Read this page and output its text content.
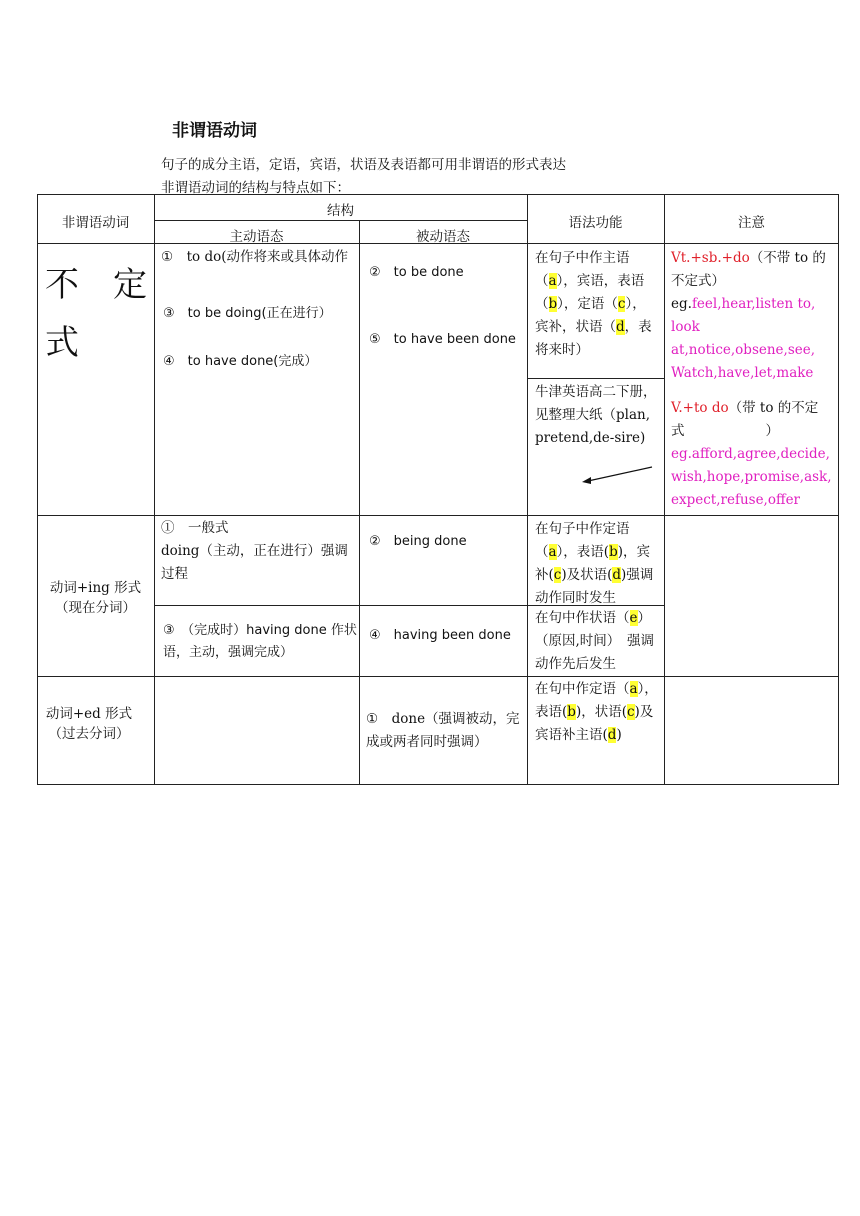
非谓语动词
句子的成分主语，定语，宾语，状语及表语都可用非谓语的形式表达
非谓语动词的结构与特点如下：
非谓语动词
结构
主动语态	被动语态
语法功能	注意
不　定　式
①　to do(动作将来或具体动作
③　to be doing(正在进行）
④　to have done(完成）
②　to be done
⑤　to have been done
在句子中作主语（a），宾语，表语（b），定语（c），宾补，状语（d，表将来时）
牛津英语高二下册，见整理大纸（plan,pretend,de-sire)
Vt.+sb.+do（不带 to 的不定式） eg.feel,hear,listen to, look at,notice,obsene,see, Watch,have,let,make
V.+to do（带 to 的不定式　　　　　　） eg.afford,agree,decide, wish,hope,promise,ask, expect,refuse,offer
动词+ing 形式
（现在分词）
①　一般式
doing（主动，正在进行）强调过程
③　（完成时）having done 作状语，主动，强调完成）
②　being done
④　having been done
在句子中作定语（a），表语(b)，宾补(c)及状语(d)强调动作同时发生
在句中作状语（e）（原因,时间）　强调动作先后发生
动词+ed 形式
（过去分词）
①　done（强调被动，完成或两者同时强调）
在句中作定语（a），表语(b)，状语(c)及宾语补主语(d)
